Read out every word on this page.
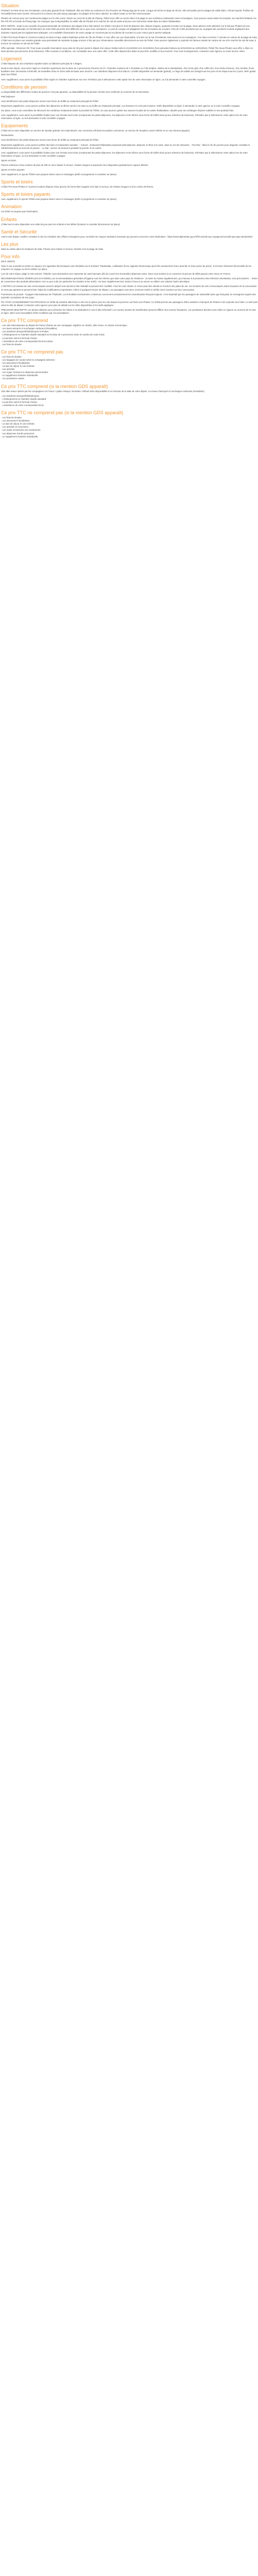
Situation
PHUKET, la Perle de la mer d'Andaman, est la plus grande île de Thaïlande. Elle est reliée au continent et à la Province de Phang Nga par la route. Longue de 50 km et large de 20 km, elle est bordée par les plages de sable blanc. Climat tropical. Profitez de l'ensoleillement toute l'année. Découvrez-la à travers les plus beaux paysages, les plages et les sites naturels, la culture locale ou les îles environnantes.
Phuket est connue pour ses nombreuses plages sur la côte ouest. Située au cœur de la ville de Patong, l'hôtel vous offre un accès direct à la plage et aux nombreux restaurants, bars et boutiques. Vous pourrez aussi visiter les temples, les marchés flottants, les îles Phi Phi et la baie de Phang Nga. Ne manquez pas le Big Buddha, la vieille ville de Phuket et le marché de nuit du week-end pour une immersion totale dans la culture thaïlandaise.
INFO VERITÉ : Suite à une nouvelle loi gouvernementale de restriction des plages à leur état naturel, les hôtels n'ont plus le droit de disposer des chaises longues, parasols et tentes sur la plage. Nous attirons votre attention sur le fait que Phuket est une destination internationale où l'architecture de votre hôtel peut être très différente de ce que vous connaissez. Le port du casque est obligatoire lors de la location de scooters. Plus de 3 000 accidents par an, la plupart des accidents mortels impliquent des touristes n'ayant pas les équipements adéquats. Les modalités d'assurance de votre voyage ne couvrent pas les accidents de scooters si vous n'avez pas le permis adéquat.
L'hôtel The Nova Phuket 4* (normes locales) est situé à Kata, station balnéaire prisée de l'île de Phuket. Il vous offre une vue imprenable, à la fois sur la mer d'Andaman mais aussi sur les montagnes. Il se situe à environ 7 minutes en voiture de la plage de Kata. L'hôtel met en place une navette gratuite vous permettant de rejoindre la plage environ 3 fois par jour. Réservation conseillée directement au sein de l'hôtel. Vous pourrez également y rejoindre les fameux stands de cuisine de rue et le marché de nuit de Kata, à environ 10 minutes en tuk tuk de l'hôtel.
Offre spéciale : Réservez tôt ! Pour toute nouvelle réservation reçue plus de 30 jours avant le départ d'un séjour réalisé entre le 01/12/2023 et le 31/10/2024 (hors périodes festives du 20/12/2023 au 10/01/2024), l'hôtel The Nova Phuket vous offre 1 dîner en demi-pension par personne (hors boissons). Offre soumise à conditions, non cumulable avec une autre offre. Cette offre dépend des dates et peut être modifiée à tout moment. Pour tout renseignement, contactez votre agence ou notre service client.
Logement
L'hôtel dispose de 104 chambres réparties dans un bâtiment principal de 4 étages.
Durant votre séjour, vous serez logés en chambre supérieure (sur la base de 2 personnes) d'environ 32 m². Chambre moderne de 1 lit double ou 2 lits simples, dotées de la climatisation, d'un écran plat, d'un coffre-fort, d'un sèche-cheveux, d'un minibar, d'une bouilloire avec nécessaire à thé/café, de bouteilles d'eau et d'une salle de bains avec douche. Les chambres disposent d'un balcon. Lit bébé disponible sur demande (gratuit). Le linge de toilette est changé tous les jours et les draps tous les 3 jours. WIFI gratuit dans tout l'hôtel.
Avec supplément, vous aurez la possibilité d'être logés en chambre supérieure vue mer. N'hésitez pas à sélectionner cette option lors de votre réservation en ligne, ou à la demander à votre conseiller voyages.
Conditions de pension
La disponibilité des différentes modes de pension n'est pas garantie. La disponibilité de la pension choisie sera confirmée au moment de la réservation.
Petit Déjeuner
Vous bénéficierez des petits-déjeuners servis sous forme de buffet au restaurant principal de l'hôtel.
Moyennant supplément, vous pourrez profiter des déjeuners et dîners servis à la carte ou au buffet au restaurant principal. Les boissons ne sont pas incluses. Tarifs disponibles en ligne, à demander à votre agence ou à votre conseiller voyages.
Sur place, nous vous conseillons de découvrir les nombreux restaurants situés à proximité de l'hôtel, où vous pourrez goûter aux saveurs locales de la cuisine thaïlandaise, réputée pour ses mélanges d'épices subtiles et ses produits frais.
Avec supplément, vous aurez la possibilité d'opter pour une formule tout inclus (comprenant les petits-déjeuners, les déjeuners et les dîners sous forme de buffet ainsi qu'une sélection de boissons). N'hésitez pas à sélectionner cette option lors de votre réservation en ligne, ou à la demander à votre conseiller voyages.
Equipements
L'hôtel met à votre disposition un service de navette gratuite vers Kata Beach, une connexion wifi dans les parties communes, un service de réception ouvert 24h/24 et un coin Internet (payant).
Restauration
Vous bénéficierez des petits-déjeuners servis sous forme de buffet au restaurant principal de l'hôtel.
Moyennant supplément, vous pourrez profiter des bars et restaurants suivants : - Sunset : restaurant thaïlandais proposant petit-déjeuner, déjeuner et dîner à la carte, situé au rez-de-chaussée. - Pool bar : idéal en fin de journée pour déguster cocktails et rafraîchissements au bord de la piscine. - Le Bar : service de boissons pendant la journée et en soirée.
Avec supplément, vous aurez la possibilité d'opter pour une formule tout inclus (comprenant les petits-déjeuners, les déjeuners et les dîners sous forme de buffet ainsi qu'une sélection de boissons). N'hésitez pas à sélectionner cette option lors de votre réservation en ligne, ou à la demander à votre conseiller voyages.
Sports et loisirs
Piscine extérieure d'une surface de plus de 300 m² avec bassin à remous, chaises longues et parasols mis à disposition gratuitement, espace détente.
Sports et loisirs payants
Avec supplément, le spa de l'hôtel vous propose divers soins et massages (tarifs et programme à consulter sur place).
Sports et loisirs
L'hôtel The Nova Phuket 4* (normes locales) dispose d'une piscine de forme libre équipée d'un bain à remous, de chaises longues et d'un centre de fitness.
Sports et loisirs payants
Avec supplément, le spa de l'hôtel vous propose divers soins et massages (tarifs et programme à consulter sur place).
Animation
Cet hôtel ne propose pas d'animation.
Enfants
L'hôtel met à votre disposition une salle de jeux pour les enfants et les bébés (horaires à consulter directement sur place).
Santé et Sécurité
Avant votre départ, veuillez consulter le site du ministère des Affaires étrangères pour connaître les risques sanitaires éventuels qui peuvent concerner votre destination : https://www.diplomatie.gouv.fr/fr/conseils-aux-voyageurs/conseils-par-pays-destination/
Les plus
Situé au calme dans les hauteurs de Kata. Piscine avec bassin à remous. Navette vers la plage de Kata.
Pour info
INFO VERITÉ
Suite à une nouvelle loi entrée en vigueur, les cigarettes électroniques sont interdites sur le territoire Thaïlandais. L'utilisation d'une cigarette électronique peut être sanctionnée d'une amende et d'une peine de prison. Il est donc fortement déconseillé de les emporter en voyage ou de les utiliser sur place.
Lors de votre séjour, plage à votre arrivée, l'hôtelier vous demandera une empreinte de carte bancaire afin de couvrir les éventuelles dépenses extra. Nous vous invitons à en conserver la preuve de débit jusqu'à votre retour en France.
RECOMMANDATIONS GÉNÉRALES D'HYGIÈNE Les recommandations générales d'hygiène sont les mêmes que dans votre pays de résidence : se laver les mains régulièrement, qui s'assure à la protection des infections intestinales, sont préconisées : - Éviter de consommer des produits alimentaires crus ou peu cuits (en particulier les viandes et les œufs) - Se laver régulièrement les mains à l'eau et au savon ou utiliser une solution hydro-alcoolique.
A NOTER Les horaires de vols communiqués avant le départ sont donnés à titre indicatif et peuvent être modifiés. Pour les vols charter, le retour peut être décalé en fonction des plans de vol. Les horaires de vols communiqués avant réception de la convocation ne sont pas garantis et peuvent faire l'objet de modifications importantes, même à quelques heures du départ. Les passagers sont donc vivement invités à vérifier leurs horaires sur leur convocation.
Fournisseur du produit : Voyages Internationaux de Thaïlande. Les formalités mentionnées ci-dessous concernent exclusivement les ressortissants français majeurs. Il est impératif que les passagers de nationalité autre que française se renseignent auprès des autorités consulaires de leur pays.
PIC POST-ACHEMINEMENT EN PROVINCE Un forfait de transfert aller/retour a été mis en place pour les vols depuis la province via Paris vers Phuket. Ce forfait permet aux passagers d'être assistés à l'aéroport de Phuket et de rejoindre leur hôtel. Le tarif varie selon la ville de départ. Contactez votre agence pour plus de détails sur les villes disponibles et les tarifs appliqués.
PRÉCISION DESCRIPTIF Les photos utilisées pour présenter les hôtels et la destination le sont à titre informatif. Les normes locales de classification peuvent différer des normes françaises. Les prestations décrites sont celles en vigueur au moment de la mise en ligne. Elles sont susceptibles d'être modifiées par nos prestataires.
Ce prix TTC comprend
- Les vols internationaux au départ de France (Paris) via une compagnie régulière ou charter, aller-retour, en classe économique.
- Les taxes aéroport et surcharges carburant (révisables).
- Les transferts aéroport/hôtel/aéroport à Phuket.
- L'hébergement en chambre double standard sur la base de 2 personnes selon le nombre de nuits choisi.
- La pension selon la formule choisie.
- L'assistance de notre correspondant local sur place.
- Les frais de dossier.
Ce prix TTC ne comprend pas
- Les frais de dossier.
- Les bagages (en soute) selon la compagnie aérienne.
- Les assurances facultatives.
- La taxe de séjour le cas échéant.
- Les activités.
- Les repas, boissons et dépenses personnelles.
- Le supplément chambre individuelle.
- Les pourboires usuels.
Ce prix TTC comprend (si la mention GDS apparaît)
Vols aller-retour opérés par les compagnies Air France / Qatar Airways / Emirates / Etihad selon disponibilité et en fonction de la date de votre départ. Les taxes d'aéroport et surcharges carburant (révisables).
- Les transferts aéroport/hôtel/aéroport.
- L'hébergement en chambre double standard.
- La pension selon la formule choisie.
- L'assistance de notre correspondant local.
Ce prix TTC ne comprend pas (si la mention GDS apparaît)
- Les frais de dossier.
- Les assurances facultatives.
- La taxe de séjour le cas échéant.
- Les activités et excursions.
- Les repas et boissons non mentionnés.
- Les dépenses d'ordre personnel.
- Le supplément chambre individuelle.
